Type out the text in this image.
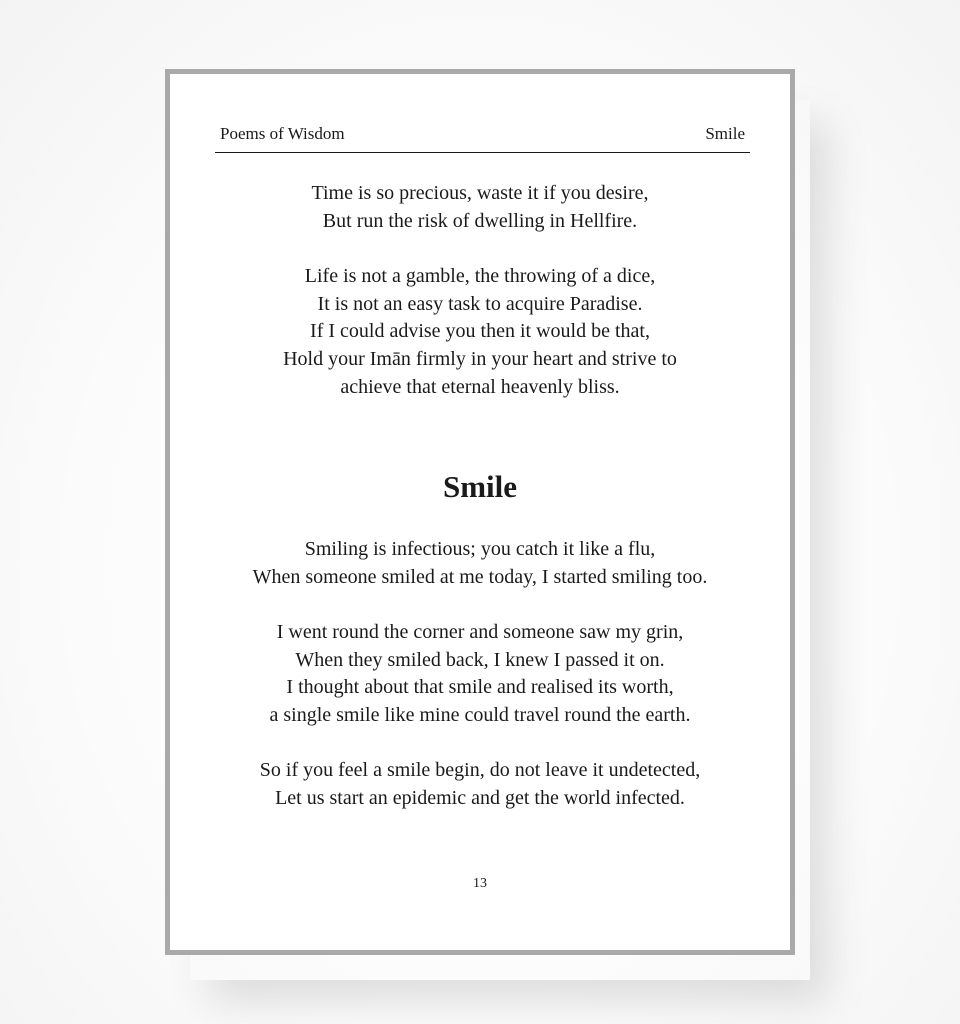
Poems of Wisdom	Smile
Time is so precious, waste it if you desire,
But run the risk of dwelling in Hellfire.
Life is not a gamble, the throwing of a dice,
It is not an easy task to acquire Paradise.
If I could advise you then it would be that,
Hold your Imān firmly in your heart and strive to
achieve that eternal heavenly bliss.
Smile
Smiling is infectious; you catch it like a flu,
When someone smiled at me today, I started smiling too.
I went round the corner and someone saw my grin,
When they smiled back, I knew I passed it on.
I thought about that smile and realised its worth,
a single smile like mine could travel round the earth.
So if you feel a smile begin, do not leave it undetected,
Let us start an epidemic and get the world infected.
13
